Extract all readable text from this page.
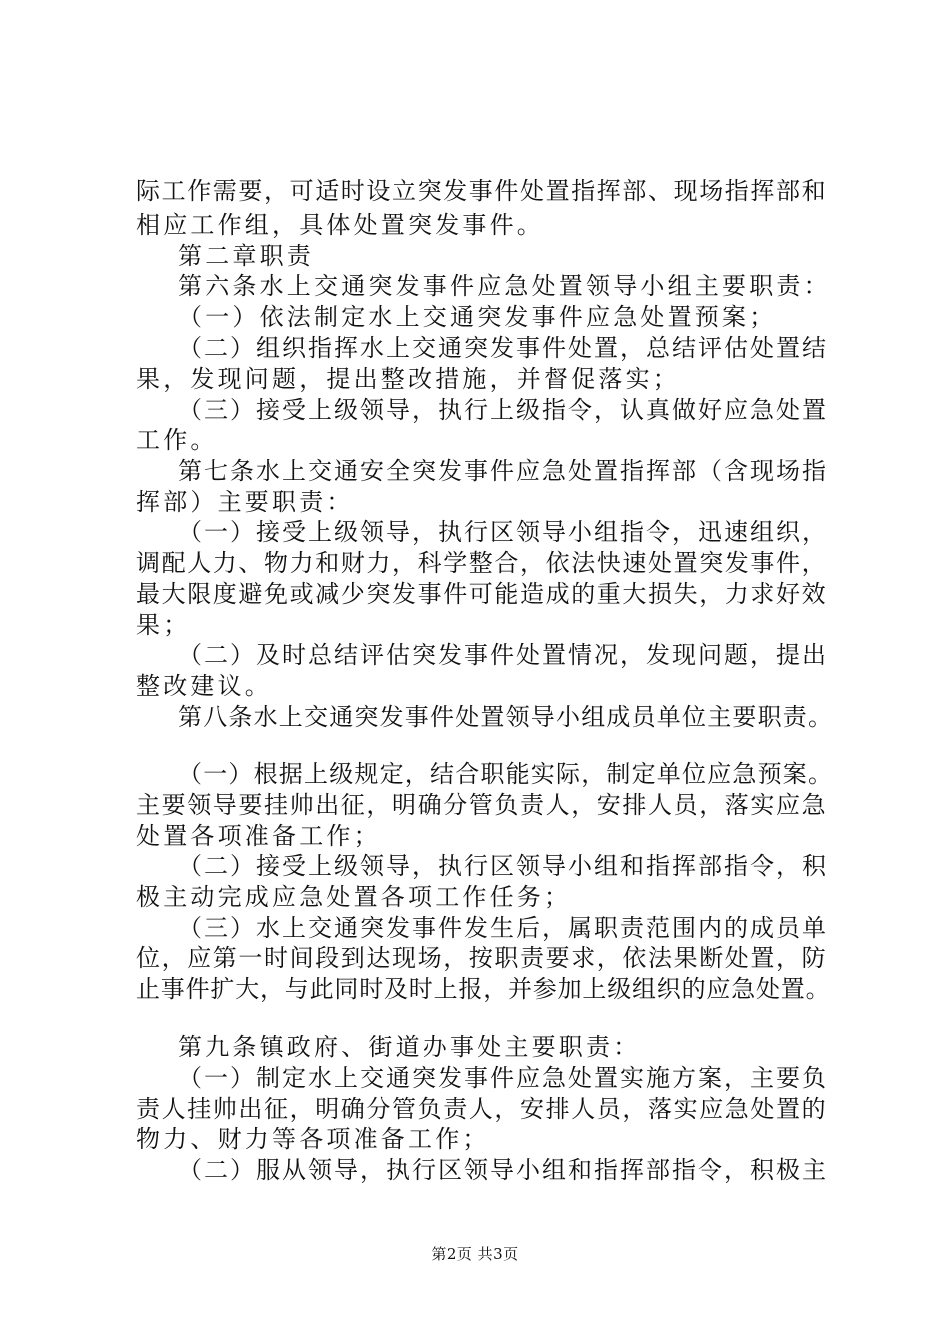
际工作需要，可适时设立突发事件处置指挥部、现场指挥部和
相应工作组，具体处置突发事件。
第二章职责
第六条水上交通突发事件应急处置领导小组主要职责：
（一）依法制定水上交通突发事件应急处置预案；
（二）组织指挥水上交通突发事件处置，总结评估处置结
果，发现问题，提出整改措施，并督促落实；
（三）接受上级领导，执行上级指令，认真做好应急处置
工作。
第七条水上交通安全突发事件应急处置指挥部（含现场指
挥部）主要职责：
（一）接受上级领导，执行区领导小组指令，迅速组织，
调配人力、物力和财力，科学整合，依法快速处置突发事件，
最大限度避免或减少突发事件可能造成的重大损失，力求好效
果；
（二）及时总结评估突发事件处置情况，发现问题，提出
整改建议。
第八条水上交通突发事件处置领导小组成员单位主要职责。
（一）根据上级规定，结合职能实际，制定单位应急预案。
主要领导要挂帅出征，明确分管负责人，安排人员，落实应急
处置各项准备工作；
（二）接受上级领导，执行区领导小组和指挥部指令，积
极主动完成应急处置各项工作任务；
（三）水上交通突发事件发生后，属职责范围内的成员单
位，应第一时间段到达现场，按职责要求，依法果断处置，防
止事件扩大，与此同时及时上报，并参加上级组织的应急处置。
第九条镇政府、街道办事处主要职责：
（一）制定水上交通突发事件应急处置实施方案，主要负
责人挂帅出征，明确分管负责人，安排人员，落实应急处置的
物力、财力等各项准备工作；
（二）服从领导，执行区领导小组和指挥部指令，积极主
第2页 共3页
